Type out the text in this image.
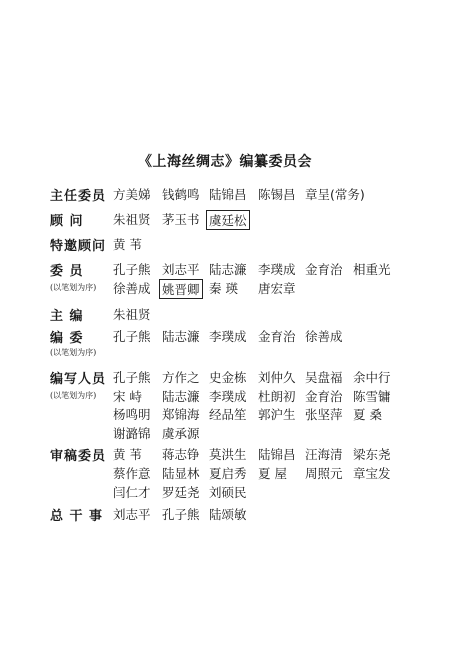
《上海丝绸志》编纂委员会
主任委员 方美娣 钱鹤鸣 陆锦昌 陈锡昌 章呈(常务)
顾 问	朱祖贤 茅玉书 虞廷松
特邀顾问 黄 苇
委 员	孔子熊 刘志平 陆志濂 李璞成 金育治 相重光
(以笔划为序) 徐善成 姚晋卿 秦 瑛 唐宏章
主 编	朱祖贤
编 委	孔子熊 陆志濂 李璞成 金育治 徐善成
(以笔划为序)
编写人员 孔子熊 方作之 史金栋 刘仲久 吴盘福 余中行
(以笔划为序) 宋 峙 陆志濂 李璞成 杜朗初 金育治 陈雪镛
杨鸣明 郑锦海 经品笙 郭沪生 张坚萍 夏 桑
谢潞锦 虞承源
审稿委员 黄 苇 蒋志铮 莫洪生 陆锦昌 汪海清 梁东尧
蔡作意 陆显林 夏启秀 夏 屋 周照元 章宝发
闫仁才 罗廷尧 刘硕民
总 干 事 刘志平 孔子熊 陆颂敏
